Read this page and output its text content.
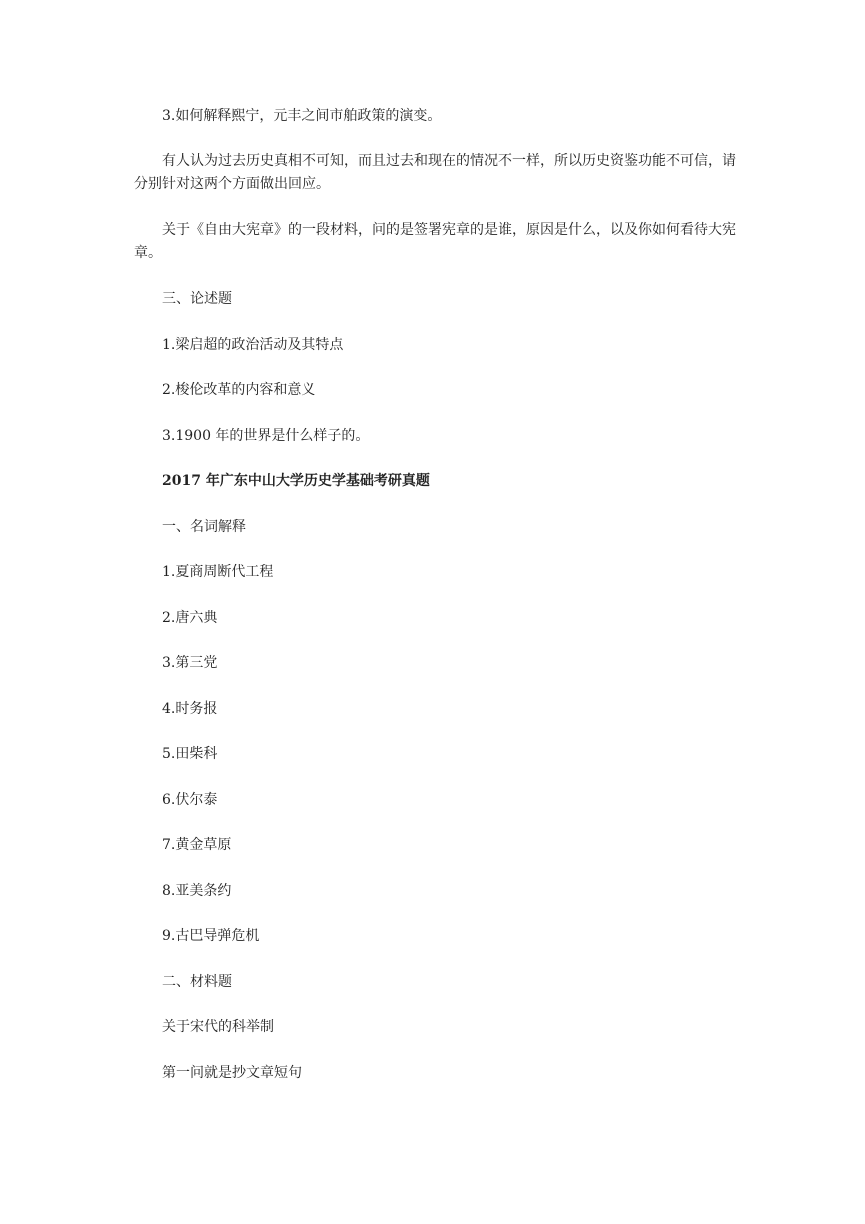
3.如何解释熙宁，元丰之间市舶政策的演变。

有人认为过去历史真相不可知，而且过去和现在的情况不一样，所以历史资鉴功能不可信，请分别针对这两个方面做出回应。

关于《自由大宪章》的一段材料，问的是签署宪章的是谁，原因是什么，以及你如何看待大宪章。

三、论述题

1.梁启超的政治活动及其特点

2.梭伦改革的内容和意义

3.1900 年的世界是什么样子的。

2017 年广东中山大学历史学基础考研真题

一、名词解释

1.夏商周断代工程

2.唐六典

3.第三党

4.时务报

5.田柴科

6.伏尔泰

7.黄金草原

8.亚美条约

9.古巴导弹危机

二、材料题

关于宋代的科举制

第一问就是抄文章短句
